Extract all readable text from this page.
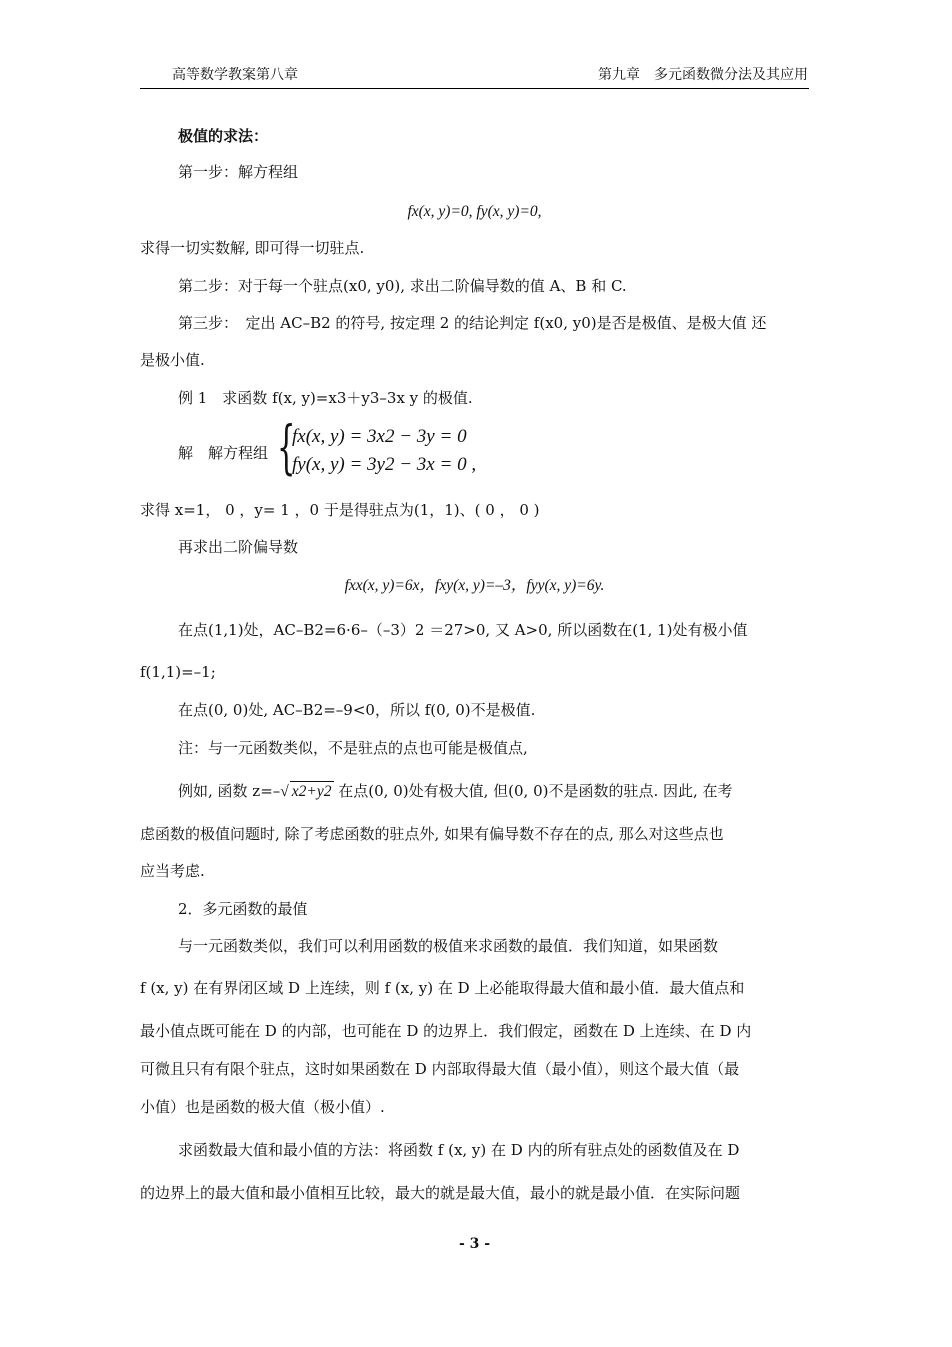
高等数学教案第八章	第九章　多元函数微分法及其应用
极值的求法：
第一步：解方程组
fx(x, y)=0, fy(x, y)=0,
求得一切实数解, 即可得一切驻点.
第二步：对于每一个驻点(x0, y0), 求出二阶偏导数的值 A、B 和 C.
第三步：　定出 AC–B2 的符号, 按定理 2 的结论判定 f(x0, y0)是否是极值、是极大值 还
是极小值.
例 1　求函数 f(x, y)=x3＋y3–3x y 的极值.
解　解方程组 {
fx(x, y) = 3x2 − 3y = 0
fy(x, y) = 3y2 − 3x = 0 ,
求得 x=1， 0 ，y= 1 ，0 于是得驻点为(1，1)、( 0 ， 0 )
再求出二阶偏导数
fxx(x, y)=6x，fxy(x, y)=–3，fyy(x, y)=6y.
在点(1,1)处，AC–B2=6·6–（–3）2 ＝27>0, 又 A>0, 所以函数在(1, 1)处有极小值
f(1,1)=–1;
在点(0, 0)处, AC–B2=–9<0，所以 f(0, 0)不是极值.
注：与一元函数类似，不是驻点的点也可能是极值点,
例如, 函数 z=–√ x2+y2 在点(0, 0)处有极大值, 但(0, 0)不是函数的驻点. 因此, 在考
虑函数的极值问题时, 除了考虑函数的驻点外, 如果有偏导数不存在的点, 那么对这些点也
应当考虑.
2．多元函数的最值
与一元函数类似，我们可以利用函数的极值来求函数的最值．我们知道，如果函数
f (x, y) 在有界闭区域 D 上连续，则 f (x, y) 在 D 上必能取得最大值和最小值．最大值点和
最小值点既可能在 D 的内部，也可能在 D 的边界上．我们假定，函数在 D 上连续、在 D 内
可微且只有有限个驻点，这时如果函数在 D 内部取得最大值（最小值），则这个最大值（最
小值）也是函数的极大值（极小值）.
求函数最大值和最小值的方法：将函数 f (x, y) 在 D 内的所有驻点处的函数值及在 D
的边界上的最大值和最小值相互比较，最大的就是最大值，最小的就是最小值．在实际问题
- 3 -
